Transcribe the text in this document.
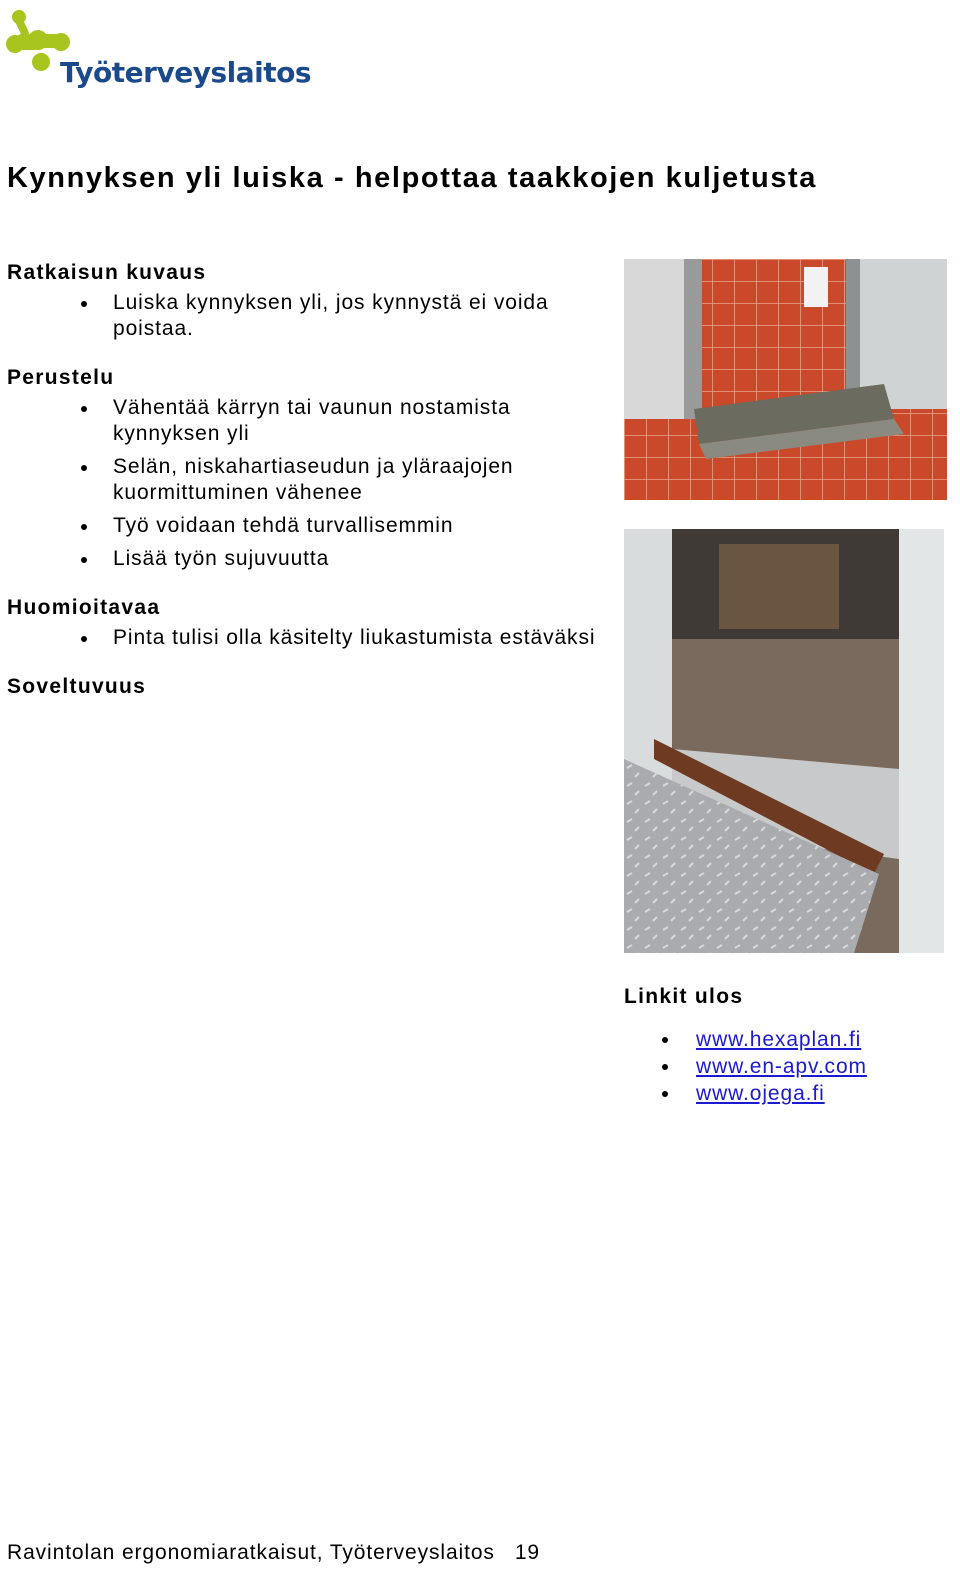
Työterveyslaitos
Kynnyksen yli luiska - helpottaa taakkojen kuljetusta

Ratkaisun kuvaus

Luiska kynnyksen yli, jos kynnystä ei voida poistaa.

Perustelu

Vähentää kärryn tai vaunun nostamista kynnyksen yli
Selän, niskahartiaseudun ja yläraajojen kuormittuminen vähenee
Työ voidaan tehdä turvallisemmin
Lisää työn sujuvuutta

Huomioitavaa

Pinta tulisi olla käsitelty liukastumista estäväksi

Soveltuvuus

Linkit ulos

www.hexaplan.fi
www.en-apv.com
www.ojega.fi
Ravintolan ergonomiaratkaisut, Työterveyslaitos 19
